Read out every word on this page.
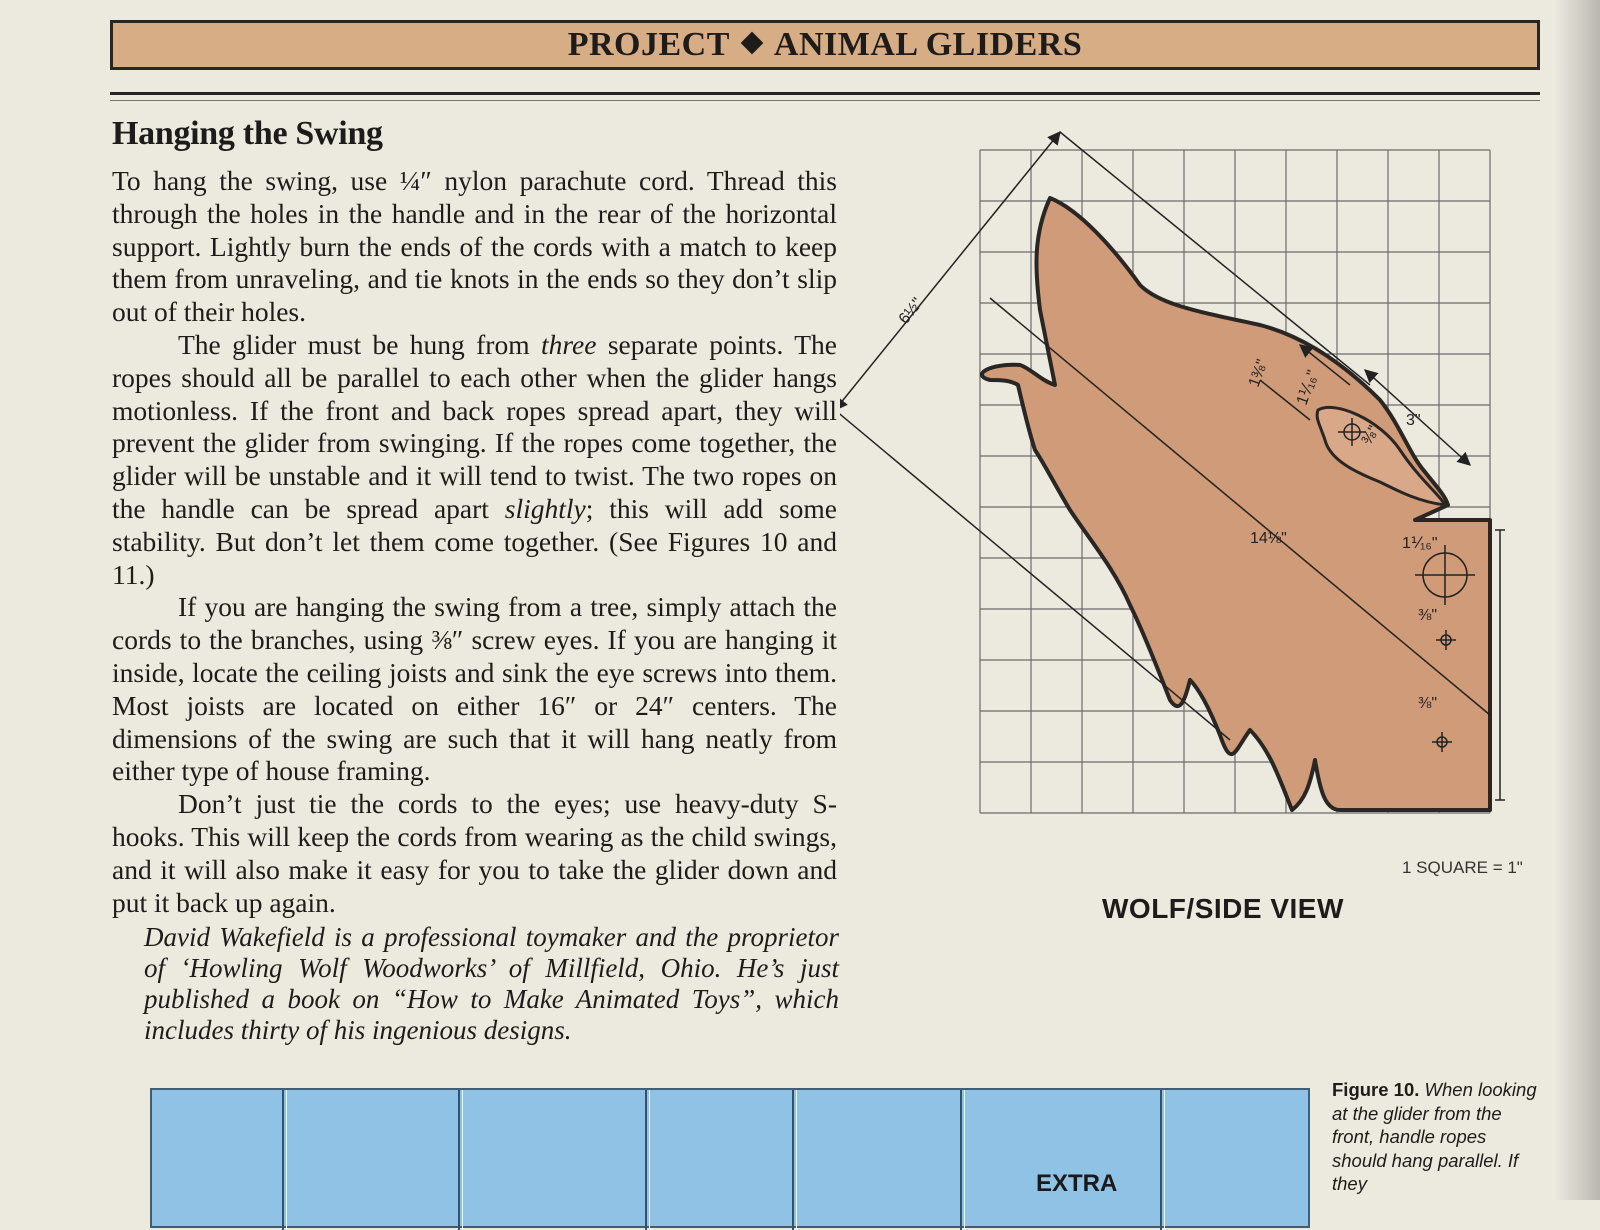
PROJECT ANIMAL GLIDERS
Hanging the Swing

To hang the swing, use ¼″ nylon parachute cord. Thread this through the holes in the handle and in the rear of the horizontal support. Lightly burn the ends of the cords with a match to keep them from unraveling, and tie knots in the ends so they don’t slip out of their holes.

The glider must be hung from three separate points. The ropes should all be parallel to each other when the glider hangs motionless. If the front and back ropes spread apart, they will prevent the glider from swinging. If the ropes come together, the glider will be unstable and it will tend to twist. The two ropes on the handle can be spread apart slightly; this will add some stability. But don’t let them come together. (See Figures 10 and 11.)

If you are hanging the swing from a tree, simply attach the cords to the branches, using ⅜″ screw eyes. If you are hanging it inside, locate the ceiling joists and sink the eye screws into them. Most joists are located on either 16″ or 24″ centers. The dimensions of the swing are such that it will hang neatly from either type of house framing.

Don’t just tie the cords to the eyes; use heavy-duty S-hooks. This will keep the cords from wearing as the child swings, and it will also make it easy for you to take the glider down and put it back up again.

David Wakefield is a professional toymaker and the proprietor of ‘Howling Wolf Woodworks’ of Millfield, Ohio. He’s just published a book on “How to Make Animated Toys”, which includes thirty of his ingenious designs.
6½"
14⅛"
1⅜" 1⅟₁₆"
⅜"
3"
1⅟₁₆"
⅜"
⅜"
1 SQUARE = 1"
WOLF/SIDE VIEW
EXTRA
Figure 10. When looking at the glider from the front, handle ropes should hang parallel. If they
